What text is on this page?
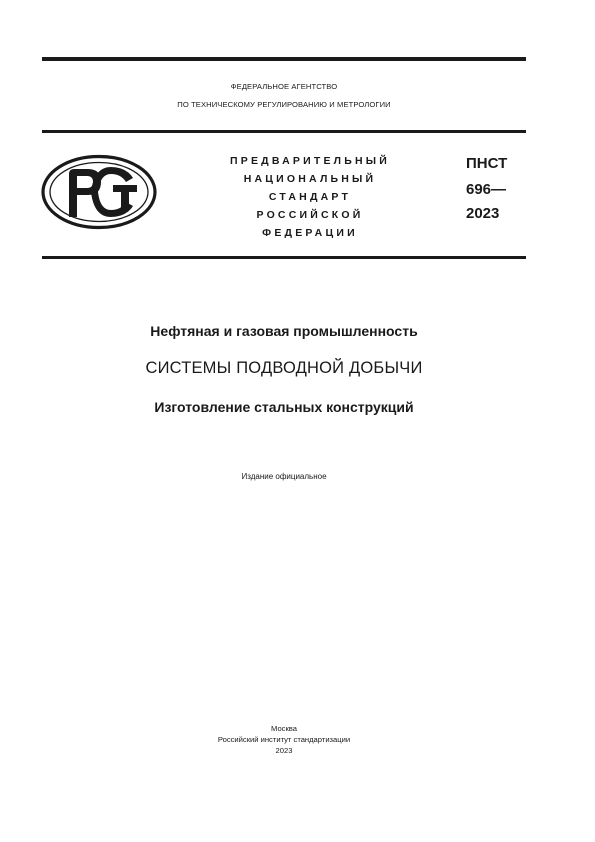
ФЕДЕРАЛЬНОЕ АГЕНТСТВО
ПО ТЕХНИЧЕСКОМУ РЕГУЛИРОВАНИЮ И МЕТРОЛОГИИ
ПРЕДВАРИТЕЛЬНЫЙ
НАЦИОНАЛЬНЫЙ
СТАНДАРТ
РОССИЙСКОЙ
ФЕДЕРАЦИИ
ПНСТ
696—
2023
Нефтяная и газовая промышленность
СИСТЕМЫ ПОДВОДНОЙ ДОБЫЧИ
Изготовление стальных конструкций
Издание официальное
Москва
Российский институт стандартизации
2023
